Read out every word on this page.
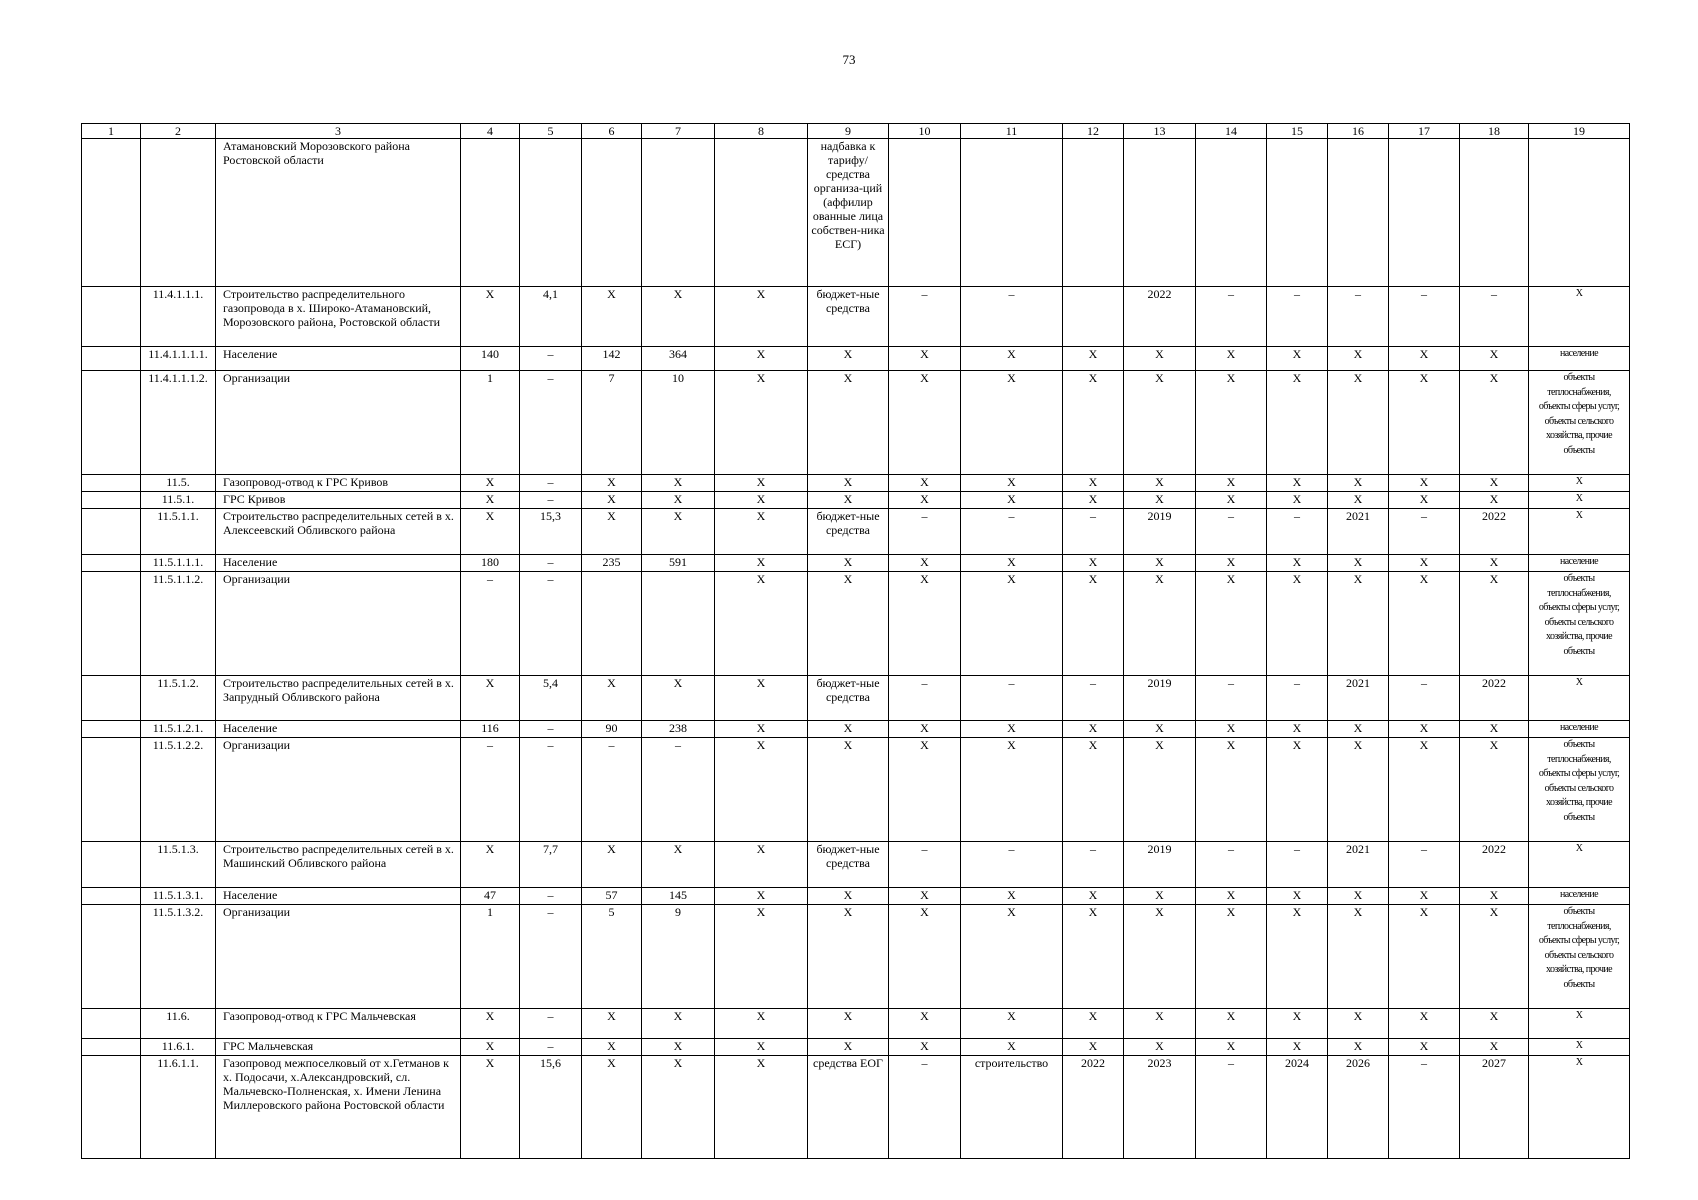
73
1	2	3	4	5	6	7	8	9	10	11	12	13	14	15	16	17	18	19
		Атамановский Морозовского района Ростовской области						надбавка к тарифу/ средства организа-ций (аффилир ованные лица собствен-ника ЕСГ)										
	11.4.1.1.1.	Строительство распределительного газопровода в х. Широко-Атамановский, Морозовского района, Ростовской области	X	4,1	X	X	X	бюджет-ные средства	–	–		2022	–	–	–	–	–	X
	11.4.1.1.1.1.	Население	140	–	142	364	X	X	X	X	X	X	X	X	X	X	X	население
	11.4.1.1.1.2.	Организации	1	–	7	10	X	X	X	X	X	X	X	X	X	X	X	объекты теплоснабжения, объекты сферы услуг, объекты сельского хозяйства, прочие объекты
	11.5.	Газопровод-отвод к ГРС Кривов	X	–	X	X	X	X	X	X	X	X	X	X	X	X	X	X
	11.5.1.	ГРС Кривов	X	–	X	X	X	X	X	X	X	X	X	X	X	X	X	X
	11.5.1.1.	Строительство распределительных сетей в х. Алексеевский Обливского района	X	15,3	X	X	X	бюджет-ные средства	–	–	–	2019	–	–	2021	–	2022	X
	11.5.1.1.1.	Население	180	–	235	591	X	X	X	X	X	X	X	X	X	X	X	население
	11.5.1.1.2.	Организации	–	–			X	X	X	X	X	X	X	X	X	X	X	объекты теплоснабжения, объекты сферы услуг, объекты сельского хозяйства, прочие объекты
	11.5.1.2.	Строительство распределительных сетей в х. Запрудный Обливского района	X	5,4	X	X	X	бюджет-ные средства	–	–	–	2019	–	–	2021	–	2022	X
	11.5.1.2.1.	Население	116	–	90	238	X	X	X	X	X	X	X	X	X	X	X	население
	11.5.1.2.2.	Организации	–	–	–	–	X	X	X	X	X	X	X	X	X	X	X	объекты теплоснабжения, объекты сферы услуг, объекты сельского хозяйства, прочие объекты
	11.5.1.3.	Строительство распределительных сетей в х. Машинский Обливского района	X	7,7	X	X	X	бюджет-ные средства	–	–	–	2019	–	–	2021	–	2022	X
	11.5.1.3.1.	Население	47	–	57	145	X	X	X	X	X	X	X	X	X	X	X	население
	11.5.1.3.2.	Организации	1	–	5	9	X	X	X	X	X	X	X	X	X	X	X	объекты теплоснабжения, объекты сферы услуг, объекты сельского хозяйства, прочие объекты
	11.6.	Газопровод-отвод к ГРС Мальчевская	X	–	X	X	X	X	X	X	X	X	X	X	X	X	X	X
	11.6.1.	ГРС Мальчевская	X	–	X	X	X	X	X	X	X	X	X	X	X	X	X	X
	11.6.1.1.	Газопровод межпоселковый от х.Гетманов к х. Подосачи, х.Александровский, сл. Мальчевско-Полненская, х. Имени Ленина Миллеровского района Ростовской области	X	15,6	X	X	X	средства ЕОГ	–	строительство	2022	2023	–	2024	2026	–	2027	X
